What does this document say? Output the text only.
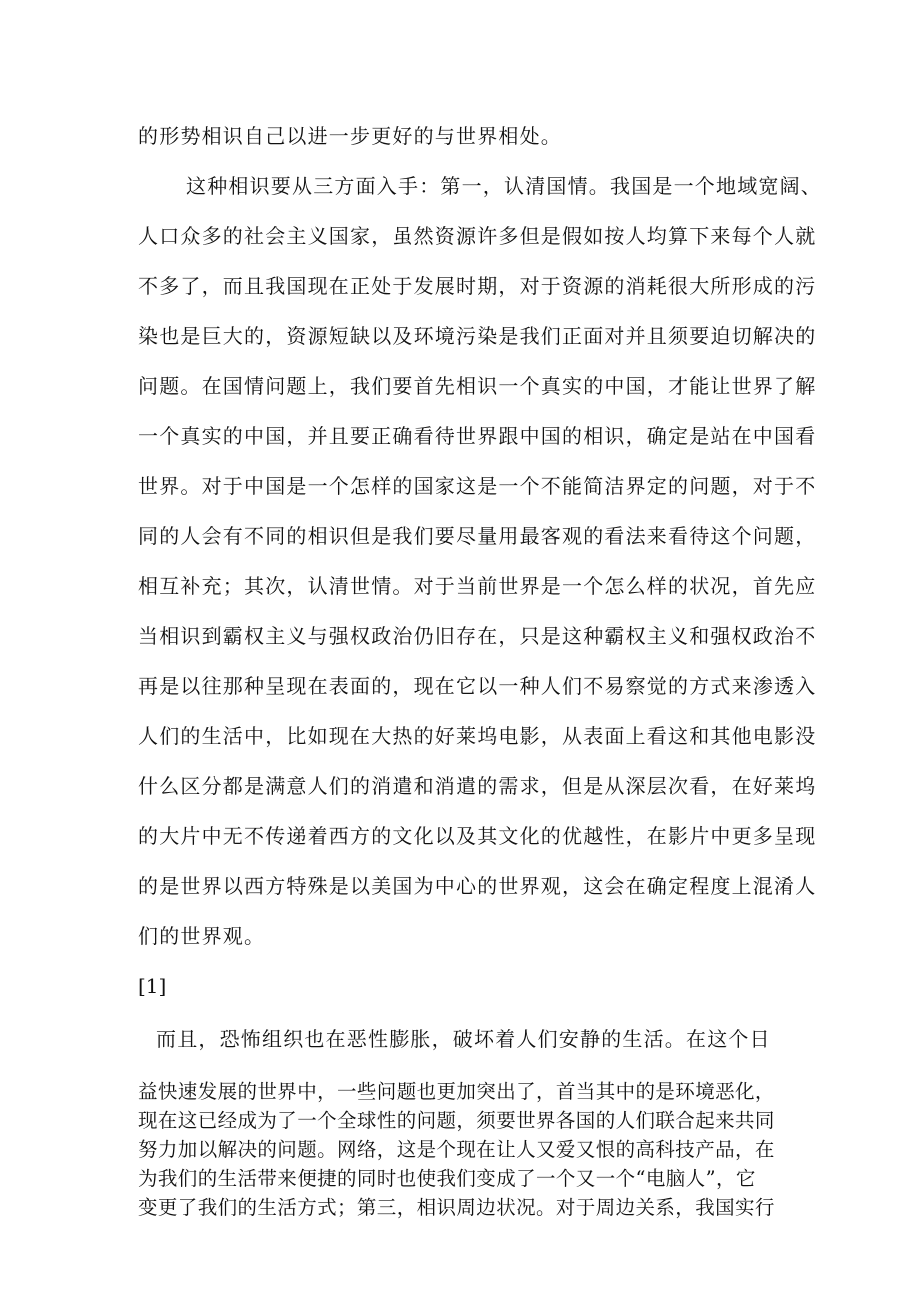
的形势相识自己以进一步更好的与世界相处。
这种相识要从三方面入手：第一，认清国情。我国是一个地域宽阔、
人口众多的社会主义国家，虽然资源许多但是假如按人均算下来每个人就
不多了，而且我国现在正处于发展时期，对于资源的消耗很大所形成的污
染也是巨大的，资源短缺以及环境污染是我们正面对并且须要迫切解决的
问题。在国情问题上，我们要首先相识一个真实的中国，才能让世界了解
一个真实的中国，并且要正确看待世界跟中国的相识，确定是站在中国看
世界。对于中国是一个怎样的国家这是一个不能简洁界定的问题，对于不
同的人会有不同的相识但是我们要尽量用最客观的看法来看待这个问题，
相互补充；其次，认清世情。对于当前世界是一个怎么样的状况，首先应
当相识到霸权主义与强权政治仍旧存在，只是这种霸权主义和强权政治不
再是以往那种呈现在表面的，现在它以一种人们不易察觉的方式来渗透入
人们的生活中，比如现在大热的好莱坞电影，从表面上看这和其他电影没
什么区分都是满意人们的消遣和消遣的需求，但是从深层次看，在好莱坞
的大片中无不传递着西方的文化以及其文化的优越性，在影片中更多呈现
的是世界以西方特殊是以美国为中心的世界观，这会在确定程度上混淆人
们的世界观。
[1]
而且，恐怖组织也在恶性膨胀，破坏着人们安静的生活。在这个日
益快速发展的世界中，一些问题也更加突出了，首当其中的是环境恶化，
现在这已经成为了一个全球性的问题，须要世界各国的人们联合起来共同
努力加以解决的问题。网络，这是个现在让人又爱又恨的高科技产品，在
为我们的生活带来便捷的同时也使我们变成了一个又一个“电脑人”，它
变更了我们的生活方式；第三，相识周边状况。对于周边关系，我国实行
